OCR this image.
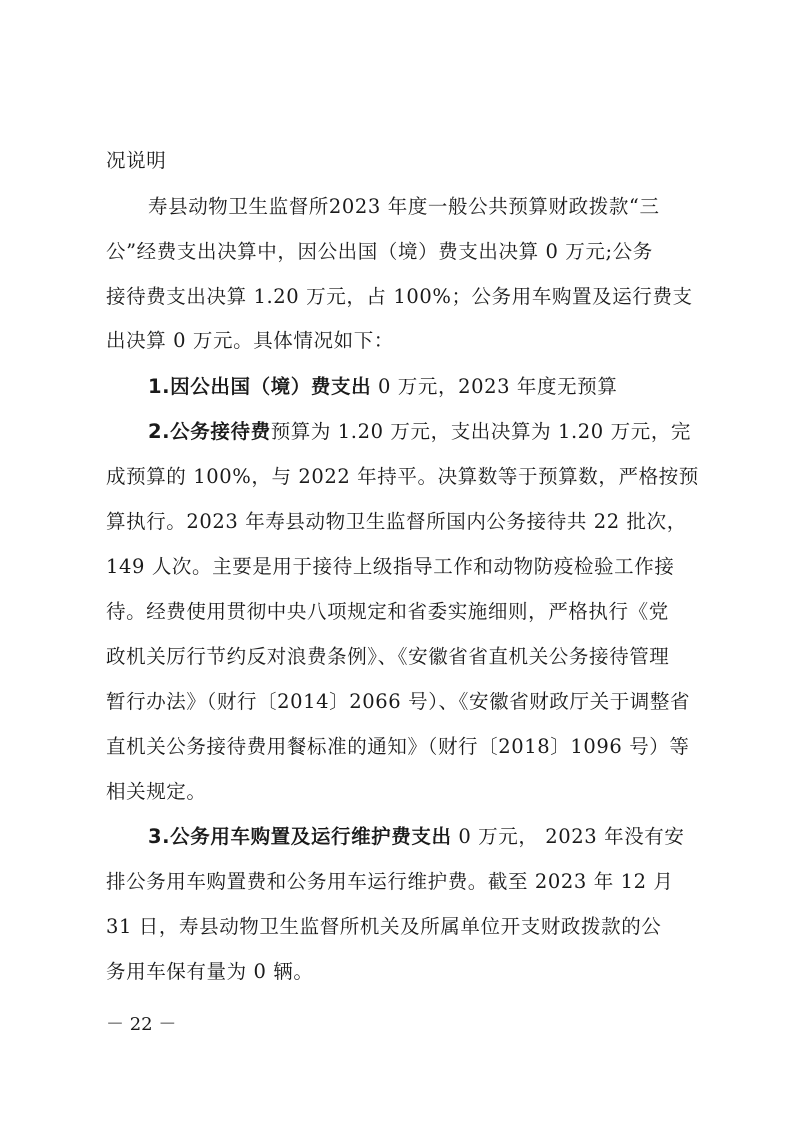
况说明
寿县动物卫生监督所2023 年度一般公共预算财政拨款“三
公”经费支出决算中，因公出国（境）费支出决算 0 万元;公务
接待费支出决算 1.20 万元，占 100%；公务用车购置及运行费支
出决算 0 万元。具体情况如下：
1.因公出国（境）费支出 0 万元，2023 年度无预算
2.公务接待费预算为 1.20 万元，支出决算为 1.20 万元，完
成预算的 100%，与 2022 年持平。决算数等于预算数，严格按预
算执行。2023 年寿县动物卫生监督所国内公务接待共 22 批次，
149 人次。主要是用于接待上级指导工作和动物防疫检验工作接
待。经费使用贯彻中央八项规定和省委实施细则，严格执行《党
政机关厉行节约反对浪费条例》、《安徽省省直机关公务接待管理
暂行办法》（财行〔2014〕2066 号）、《安徽省财政厅关于调整省
直机关公务接待费用餐标准的通知》（财行〔2018〕1096 号）等
相关规定。
3.公务用车购置及运行维护费支出 0 万元， 2023 年没有安
排公务用车购置费和公务用车运行维护费。截至 2023 年 12 月
31 日，寿县动物卫生监督所机关及所属单位开支财政拨款的公
务用车保有量为 0 辆。
－ 22 －
